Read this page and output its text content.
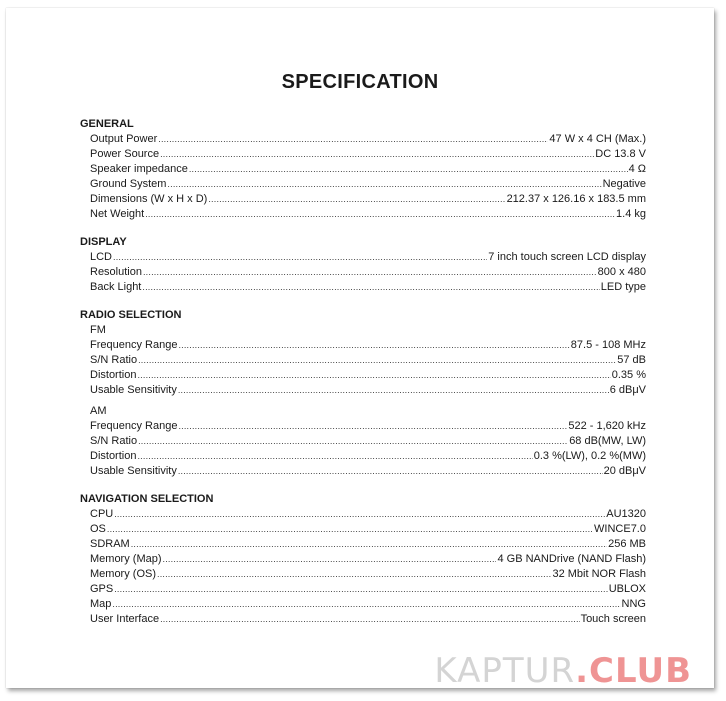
SPECIFICATION
GENERAL
Output Power .....	47 W x 4 CH (Max.)
Power Source .....	DC 13.8 V
Speaker impedance .....	4 Ω
Ground System .....	Negative
Dimensions (W x H x D) .....	212.37 x 126.16 x 183.5 mm
Net Weight .....	1.4 kg
DISPLAY
LCD .....	7 inch touch screen LCD display
Resolution .....	800 x 480
Back Light .....	LED type
RADIO SELECTION
FM
Frequency Range .....	87.5 - 108 MHz
S/N Ratio .....	57 dB
Distortion .....	0.35 %
Usable Sensitivity .....	6 dBμV
AM
Frequency Range .....	522 - 1,620 kHz
S/N Ratio .....	68 dB(MW, LW)
Distortion .....	0.3 %(LW), 0.2 %(MW)
Usable Sensitivity .....	20 dBμV
NAVIGATION SELECTION
CPU .....	AU1320
OS .....	WINCE7.0
SDRAM .....	256 MB
Memory (Map) .....	4 GB NANDrive (NAND Flash)
Memory (OS) .....	32 Mbit NOR Flash
GPS .....	UBLOX
Map .....	NNG
User Interface .....	Touch screen
KAPTUR.CLUB
